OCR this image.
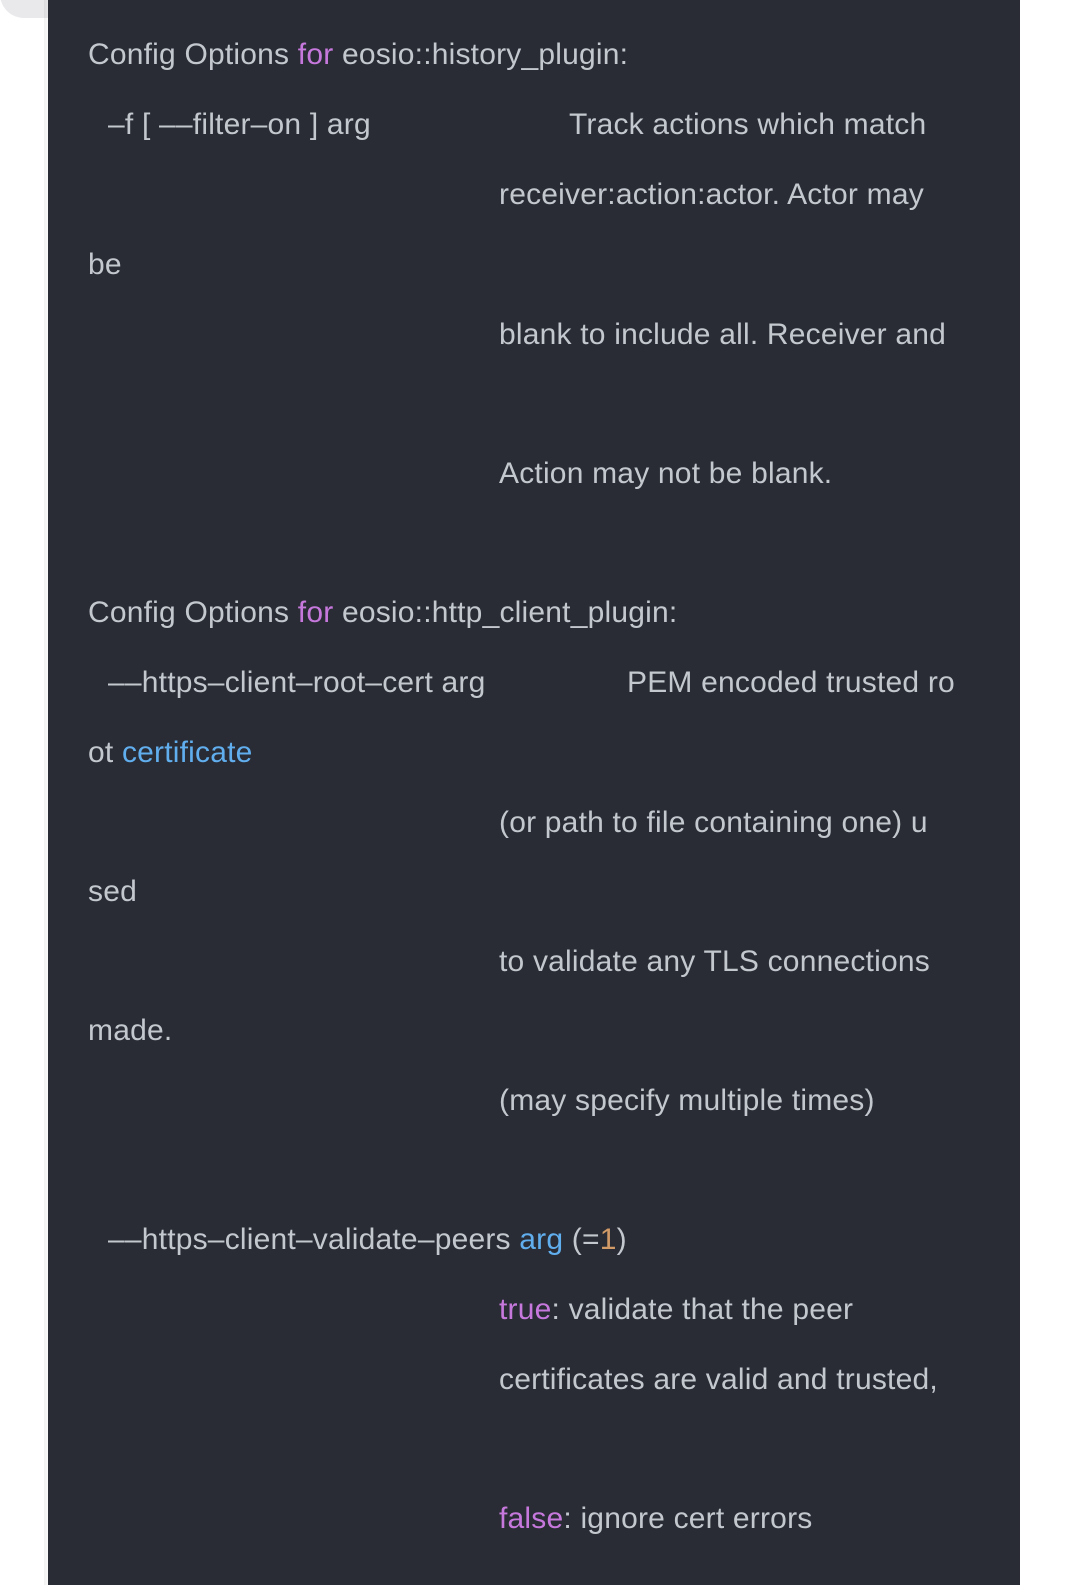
Config Options for eosio::history_plugin:
–f [ ––filter–on ] arg	Track actions which match
receiver:action:actor. Actor may
be
blank to include all. Receiver and
Action may not be blank.
Config Options for eosio::http_client_plugin:
––https–client–root–cert arg	PEM encoded trusted ro
ot certificate
(or path to file containing one) u
sed
to validate any TLS connections
made.
(may specify multiple times)
––https–client–validate–peers arg (=1)
true: validate that the peer
certificates are valid and trusted,
false: ignore cert errors
